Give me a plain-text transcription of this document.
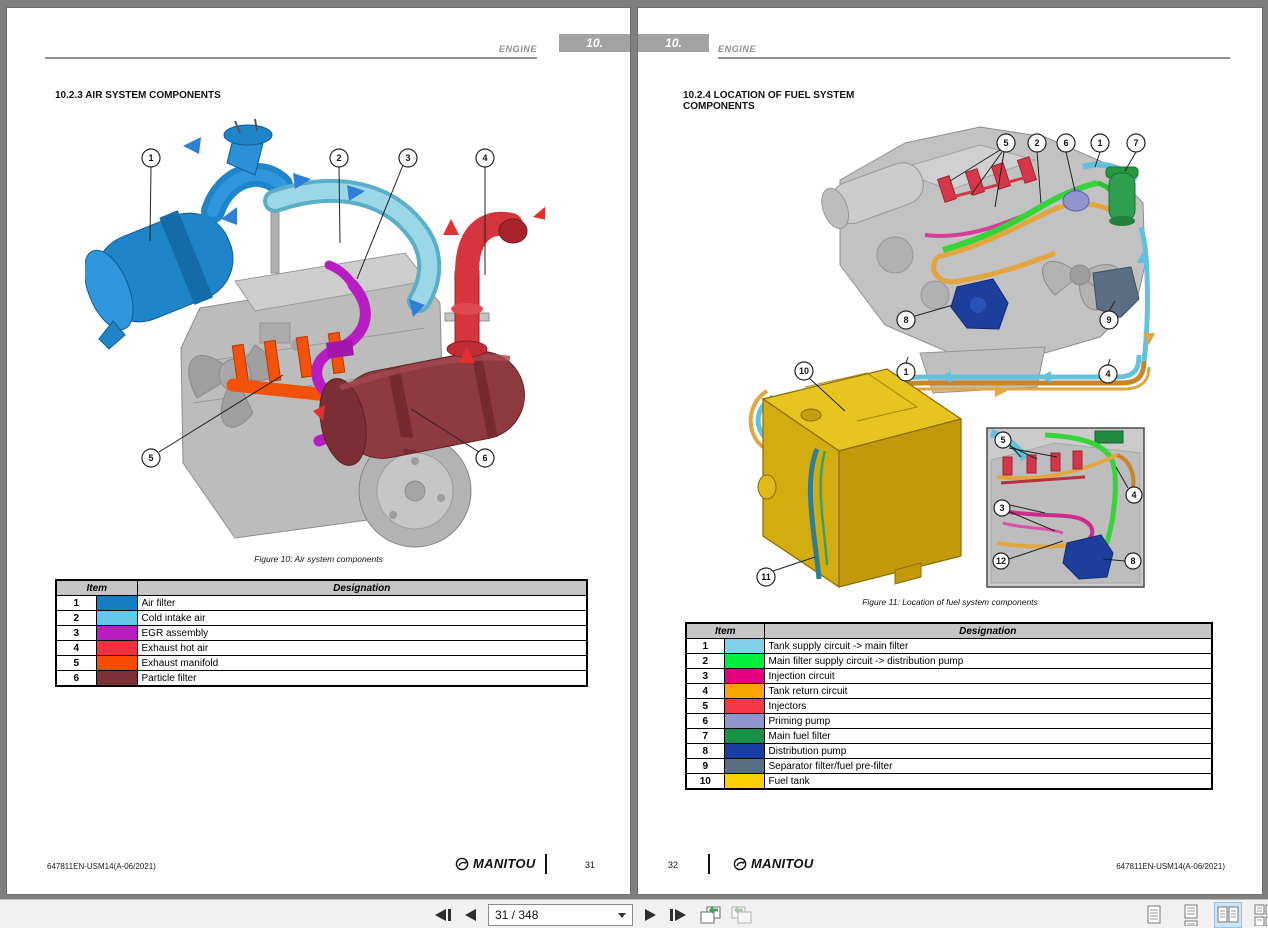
ENGINE	10.
10.2.3 AIR SYSTEM COMPONENTS
1	2	3	4
5	6
Figure 10: Air system components
Item		Designation
1		Air filter
2		Cold intake air
3		EGR assembly
4		Exhaust hot air
5		Exhaust manifold
6		Particle filter
647811EN-USM14(A-06/2021)	MANITOU	31
10.	ENGINE
10.2.4 LOCATION OF FUEL SYSTEM
COMPONENTS
5	2	6	1	7
8	9
10	1	4
11
5
4
3
12	8
Figure 11: Location of fuel system components
Item		Designation
1		Tank supply circuit -> main filter
2		Main filter supply circuit -> distribution pump
3		Injection circuit
4		Tank return circuit
5		Injectors
6		Priming pump
7		Main fuel filter
8		Distribution pump
9		Separator filter/fuel pre-filter
10		Fuel tank
32	MANITOU	647811EN-USM14(A-06/2021)
31 / 348
